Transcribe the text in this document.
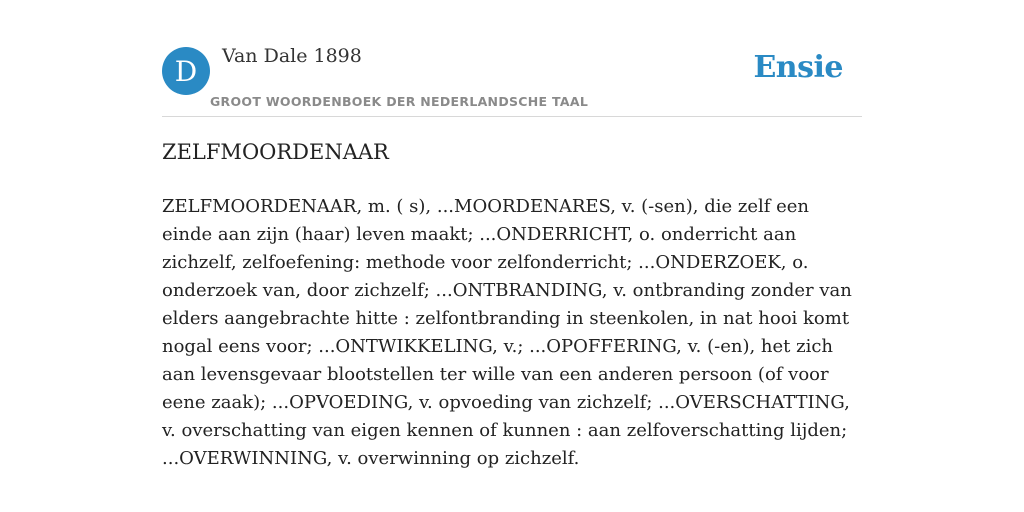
D	Van Dale 1898
GROOT WOORDENBOEK DER NEDERLANDSCHE TAAL
Ensie
ZELFMOORDENAAR

ZELFMOORDENAAR, m. ( s), ...MOORDENARES, v. (-sen), die zelf een einde aan zijn (haar) leven maakt; ...ONDERRICHT, o. onderricht aan zichzelf, zelfoefening: methode voor zelfonderricht; ...ONDERZOEK, o. onderzoek van, door zichzelf; ...ONTBRANDING, v. ontbranding zonder van elders aangebrachte hitte : zelfontbranding in steenkolen, in nat hooi komt nogal eens voor; ...ONTWIKKELING, v.; ...OPOFFERING, v. (-en), het zich aan levensgevaar blootstellen ter wille van een anderen persoon (of voor eene zaak); ...OPVOEDING, v. opvoeding van zichzelf; ...OVERSCHATTING, v. overschatting van eigen kennen of kunnen : aan zelfoverschatting lijden; ...OVERWINNING, v. overwinning op zichzelf.
